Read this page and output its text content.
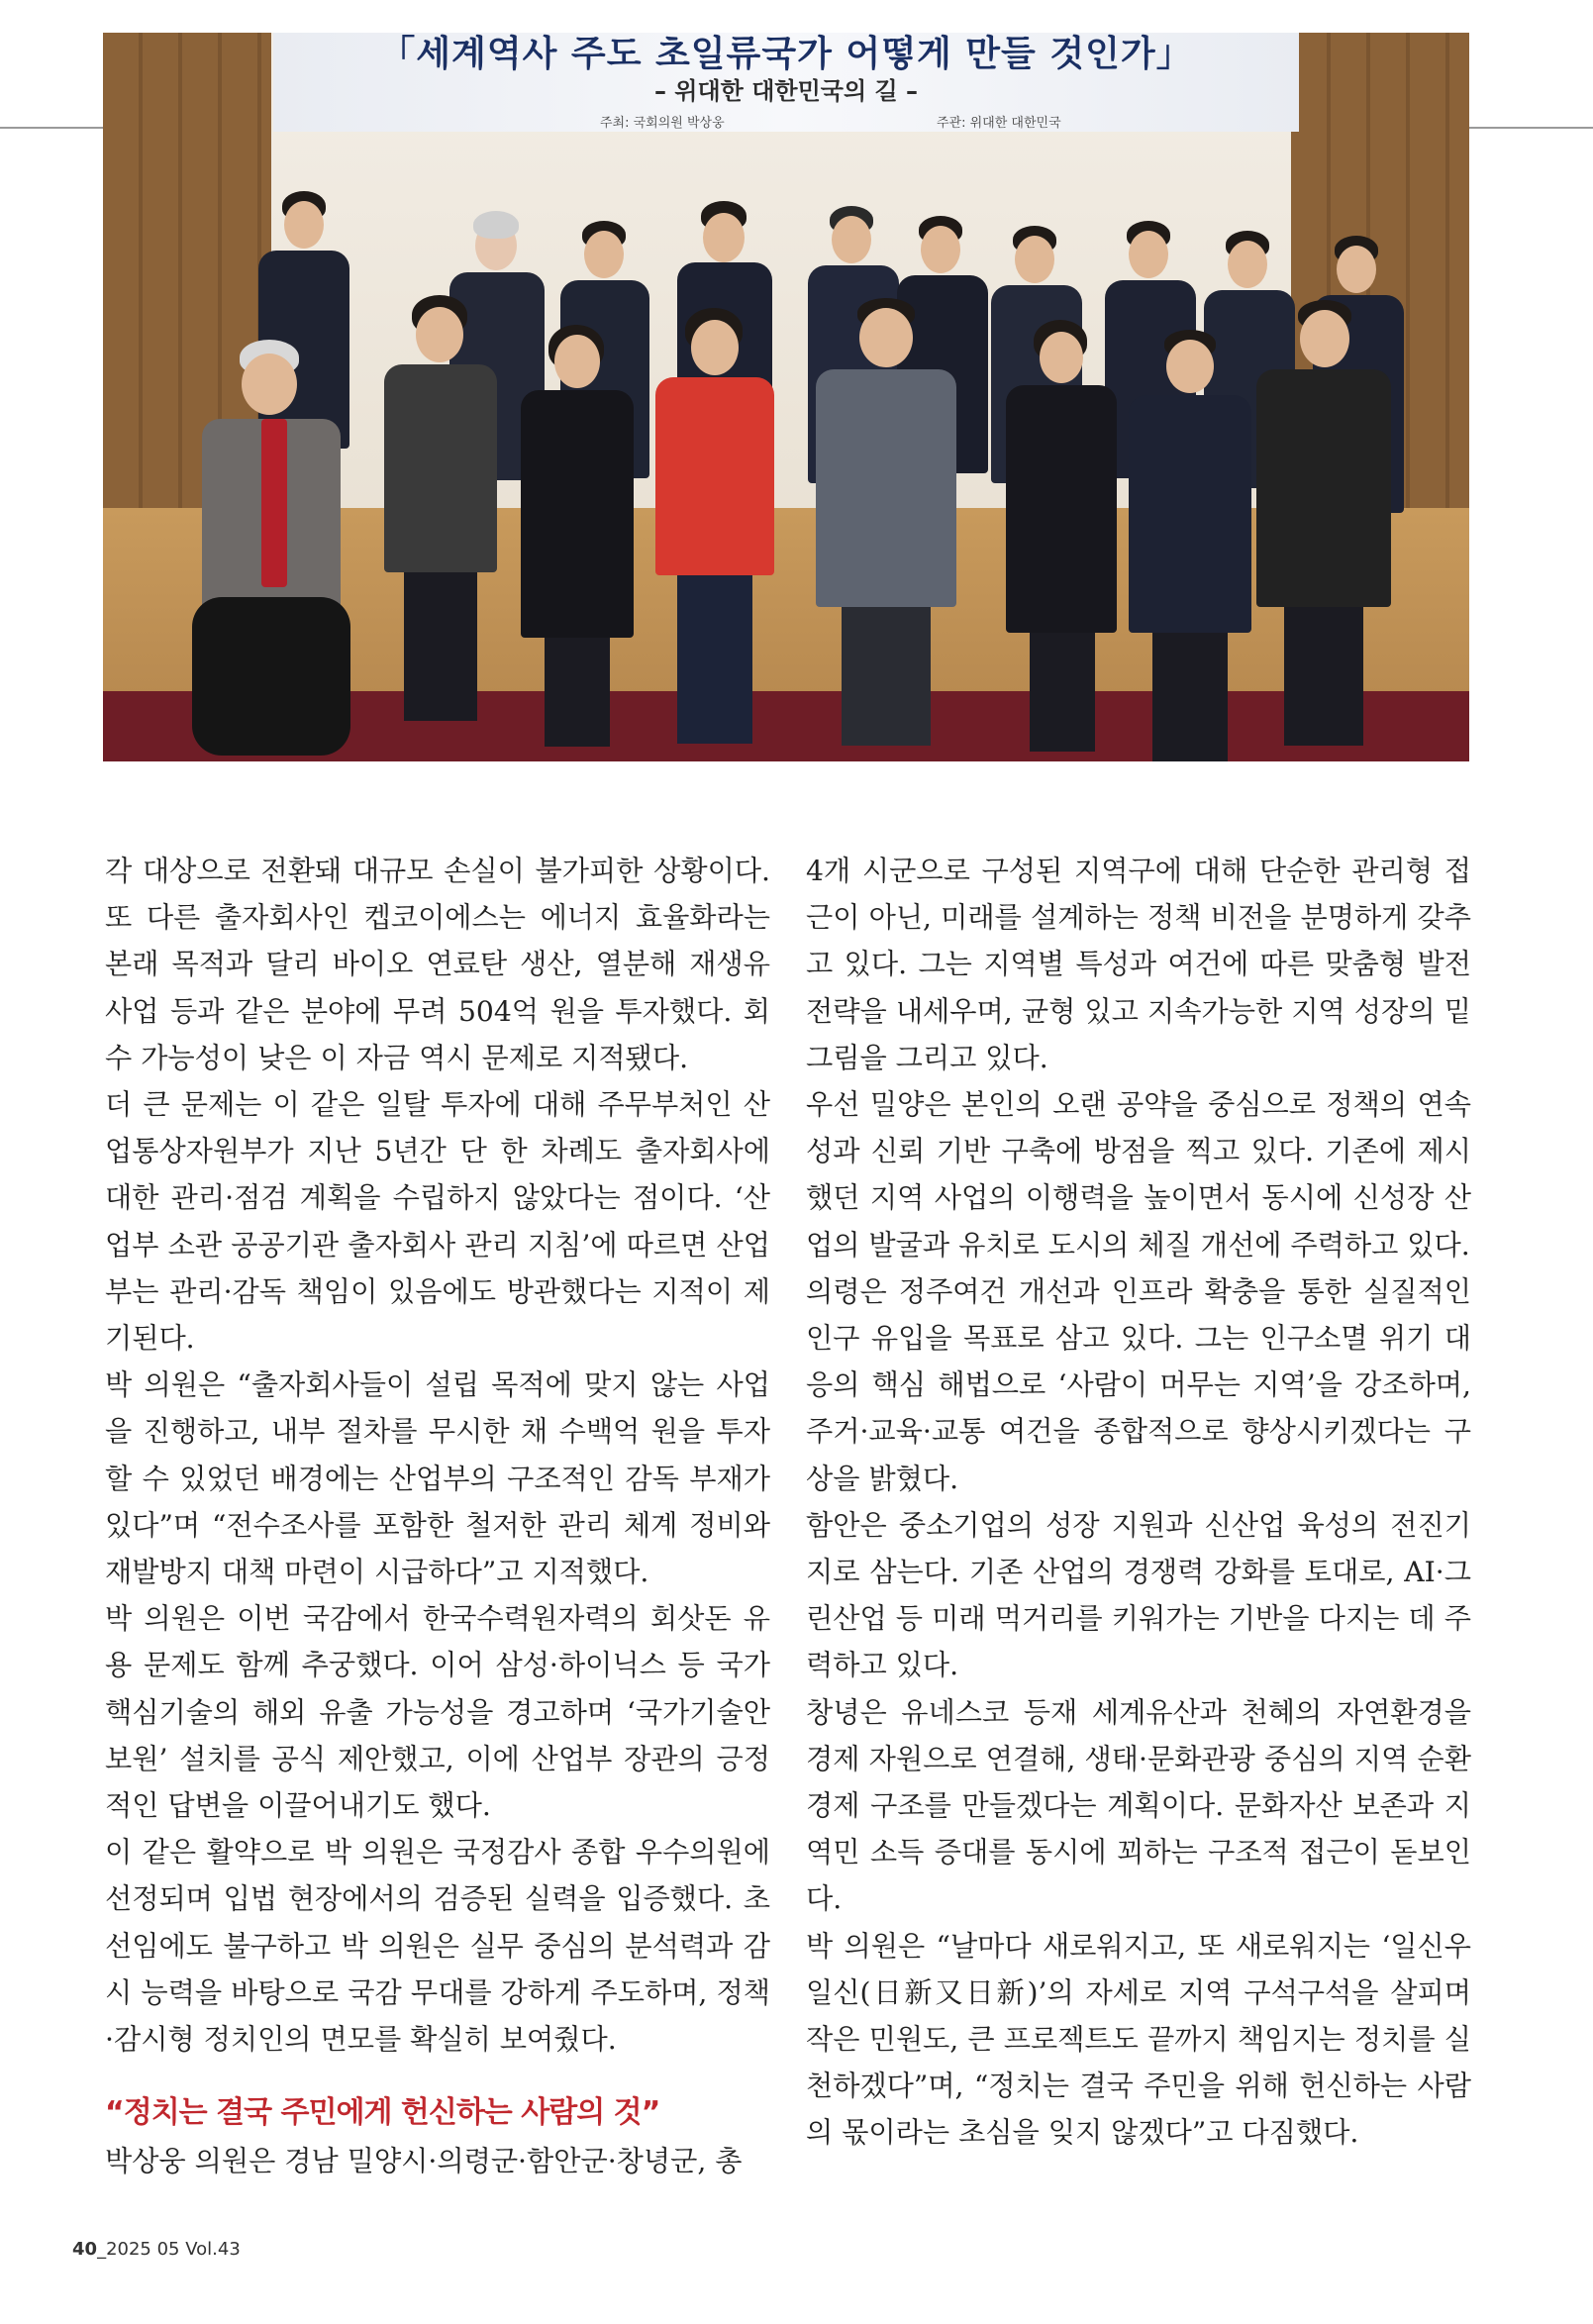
「세계역사 주도 초일류국가 어떻게 만들 것인가」
– 위대한 대한민국의 길 –
주최: 국회의원 박상웅	주관: 위대한 대한민국

각 대상으로 전환돼 대규모 손실이 불가피한 상황이다. 또 다른 출자회사인 켑코이에스는 에너지 효율화라는 본래 목적과 달리 바이오 연료탄 생산, 열분해 재생유 사업 등과 같은 분야에 무려 504억 원을 투자했다. 회수 가능성이 낮은 이 자금 역시 문제로 지적됐다.

더 큰 문제는 이 같은 일탈 투자에 대해 주무부처인 산업통상자원부가 지난 5년간 단 한 차례도 출자회사에 대한 관리·점검 계획을 수립하지 않았다는 점이다. ‘산업부 소관 공공기관 출자회사 관리 지침’에 따르면 산업부는 관리·감독 책임이 있음에도 방관했다는 지적이 제기된다.

박 의원은 “출자회사들이 설립 목적에 맞지 않는 사업을 진행하고, 내부 절차를 무시한 채 수백억 원을 투자할 수 있었던 배경에는 산업부의 구조적인 감독 부재가 있다”며 “전수조사를 포함한 철저한 관리 체계 정비와 재발방지 대책 마련이 시급하다”고 지적했다.

박 의원은 이번 국감에서 한국수력원자력의 회삿돈 유용 문제도 함께 추궁했다. 이어 삼성·하이닉스 등 국가 핵심기술의 해외 유출 가능성을 경고하며 ‘국가기술안보원’ 설치를 공식 제안했고, 이에 산업부 장관의 긍정적인 답변을 이끌어내기도 했다.

이 같은 활약으로 박 의원은 국정감사 종합 우수의원에 선정되며 입법 현장에서의 검증된 실력을 입증했다. 초선임에도 불구하고 박 의원은 실무 중심의 분석력과 감시 능력을 바탕으로 국감 무대를 강하게 주도하며, 정책·감시형 정치인의 면모를 확실히 보여줬다.

“정치는 결국 주민에게 헌신하는 사람의 것”

박상웅 의원은 경남 밀양시·의령군·함안군·창녕군, 총

4개 시군으로 구성된 지역구에 대해 단순한 관리형 접근이 아닌, 미래를 설계하는 정책 비전을 분명하게 갖추고 있다. 그는 지역별 특성과 여건에 따른 맞춤형 발전 전략을 내세우며, 균형 있고 지속가능한 지역 성장의 밑그림을 그리고 있다.

우선 밀양은 본인의 오랜 공약을 중심으로 정책의 연속성과 신뢰 기반 구축에 방점을 찍고 있다. 기존에 제시했던 지역 사업의 이행력을 높이면서 동시에 신성장 산업의 발굴과 유치로 도시의 체질 개선에 주력하고 있다.

의령은 정주여건 개선과 인프라 확충을 통한 실질적인 인구 유입을 목표로 삼고 있다. 그는 인구소멸 위기 대응의 핵심 해법으로 ‘사람이 머무는 지역’을 강조하며, 주거·교육·교통 여건을 종합적으로 향상시키겠다는 구상을 밝혔다.

함안은 중소기업의 성장 지원과 신산업 육성의 전진기지로 삼는다. 기존 산업의 경쟁력 강화를 토대로, AI·그린산업 등 미래 먹거리를 키워가는 기반을 다지는 데 주력하고 있다.

창녕은 유네스코 등재 세계유산과 천혜의 자연환경을 경제 자원으로 연결해, 생태·문화관광 중심의 지역 순환경제 구조를 만들겠다는 계획이다. 문화자산 보존과 지역민 소득 증대를 동시에 꾀하는 구조적 접근이 돋보인다.

박 의원은 “날마다 새로워지고, 또 새로워지는 ‘일신우일신(日新又日新)’의 자세로 지역 구석구석을 살피며 작은 민원도, 큰 프로젝트도 끝까지 책임지는 정치를 실천하겠다”며, “정치는 결국 주민을 위해 헌신하는 사람의 몫이라는 초심을 잊지 않겠다”고 다짐했다.

40_2025 05 Vol.43
